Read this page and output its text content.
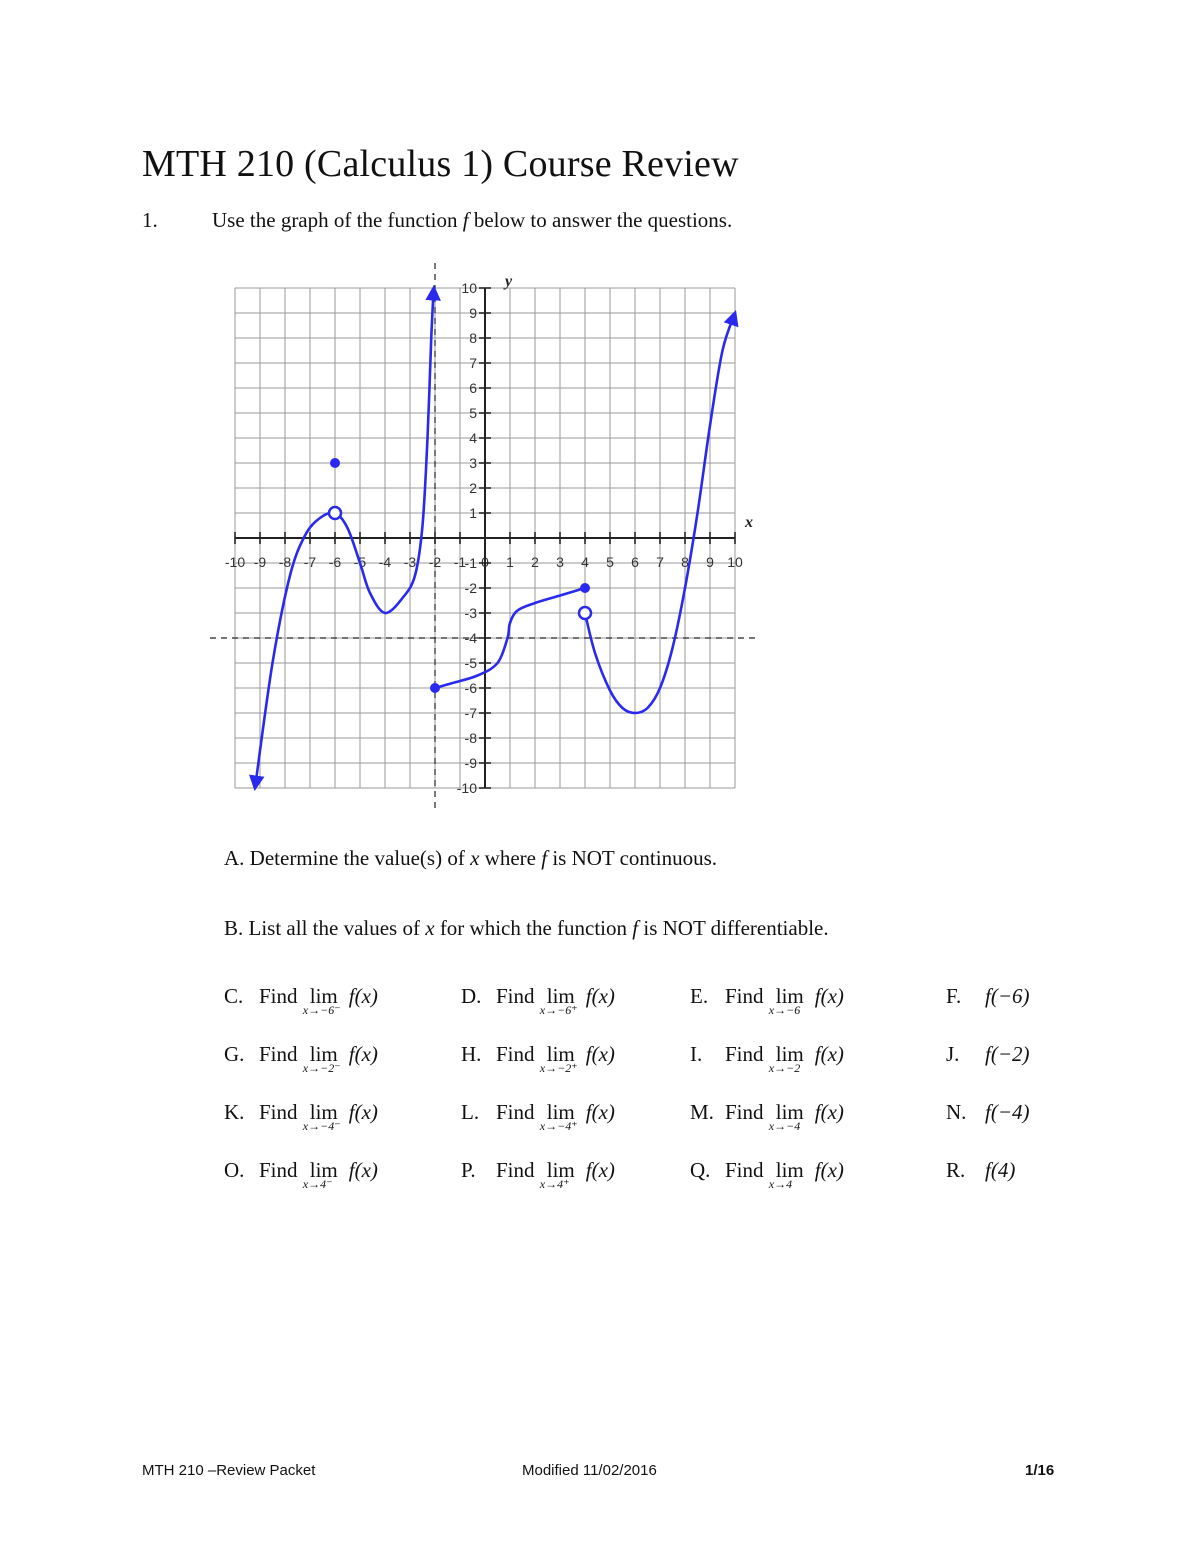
MTH 210 (Calculus 1) Course Review
1.	Use the graph of the function f below to answer the questions.
-10 -9 -8 -7 -6 -5 -4 -3 -2 -1 0 1 2 3 4 5 6 7 8 9 10
-10
-9
-8
-7
-6
-5
-4
-3
-2
-1
1
2
3
4
5
6
7
8
9
10
x
y
A. Determine the value(s) of x where f is NOT continuous.
B. List all the values of x for which the function f is NOT differentiable.
C. Find lim
x→−6⁻
f(x)	D. Find lim
x→−6⁺
f(x)	E. Find lim
x→−6
f(x)	F. f(−6)
G. Find lim
x→−2⁻
f(x)	H. Find lim
x→−2⁺
f(x)	I. Find lim
x→−2
f(x)	J. f(−2)
K. Find lim
x→−4⁻
f(x)	L. Find lim
x→−4⁺
f(x)	M. Find lim
x→−4
f(x)	N. f(−4)
O. Find lim
x→4⁻
f(x)	P. Find lim
x→4⁺
f(x)	Q. Find lim
x→4
f(x)	R. f(4)
MTH 210 –Review Packet	Modified 11/02/2016	1/16
